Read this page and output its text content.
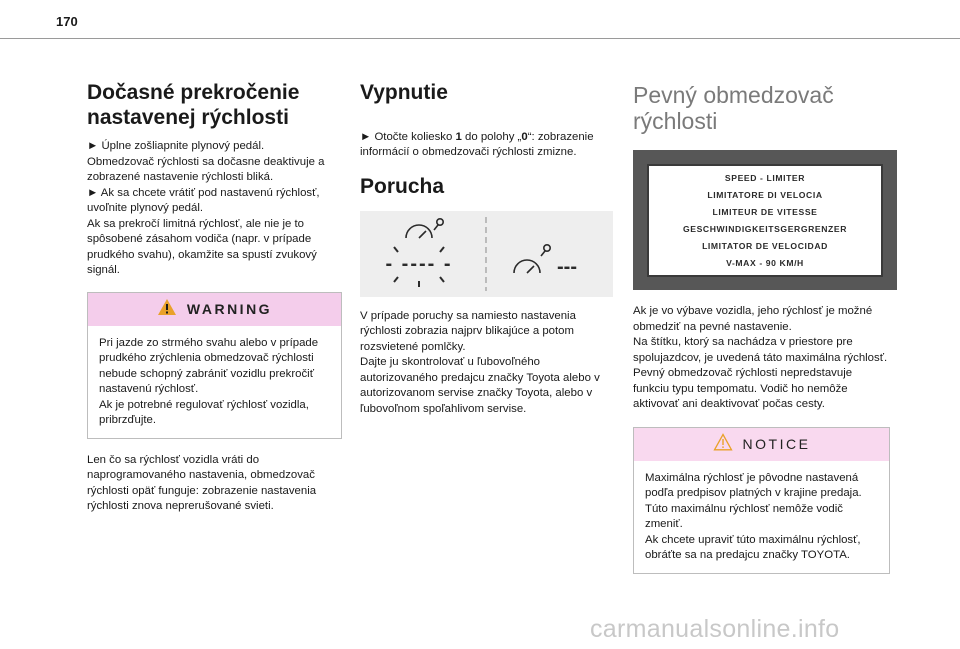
170
Dočasné prekročenie nastavenej rýchlosti

► Úplne zošliapnite plynový pedál.
Obmedzovač rýchlosti sa dočasne deaktivuje a zobrazené nastavenie rýchlosti bliká.
► Ak sa chcete vrátiť pod nastavenú rýchlosť, uvoľnite plynový pedál.
Ak sa prekročí limitná rýchlosť, ale nie je to spôsobené zásahom vodiča (napr. v prípade prudkého svahu), okamžite sa spustí zvukový signál.

WARNING

Pri jazde zo strmého svahu alebo v prípade prudkého zrýchlenia obmedzovač rýchlosti nebude schopný zabrániť vozidlu prekročiť nastavenú rýchlosť.
Ak je potrebné regulovať rýchlosť vozidla, pribrzďujte.

Len čo sa rýchlosť vozidla vráti do naprogramovaného nastavenia, obmedzovač rýchlosti opäť funguje: zobrazenie nastavenia rýchlosti znova neprerušované svieti.

Vypnutie

► Otočte koliesko 1 do polohy „0“: zobrazenie informácií o obmedzovači rýchlosti zmizne.

Porucha
- ---- -	---

V prípade poruchy sa namiesto nastavenia rýchlosti zobrazia najprv blikajúce a potom rozsvietené pomlčky.
Dajte ju skontrolovať u ľubovoľného autorizovaného predajcu značky Toyota alebo v autorizovanom servise značky Toyota, alebo v ľubovoľnom spoľahlivom servise.

Pevný obmedzovač rýchlosti
SPEED - LIMITER
LIMITATORE DI VELOCIA
LIMITEUR DE VITESSE
GESCHWINDIGKEITSGERGRENZER
LIMITATOR DE VELOCIDAD
V-MAX - 90 KM/H

Ak je vo výbave vozidla, jeho rýchlosť je možné obmedziť na pevné nastavenie.
Na štítku, ktorý sa nachádza v priestore pre spolujazdcov, je uvedená táto maximálna rýchlosť.
Pevný obmedzovač rýchlosti nepredstavuje funkciu typu tempomatu. Vodič ho nemôže aktivovať ani deaktivovať počas cesty.

NOTICE

Maximálna rýchlosť je pôvodne nastavená podľa predpisov platných v krajine predaja. Túto maximálnu rýchlosť nemôže vodič zmeniť.
Ak chcete upraviť túto maximálnu rýchlosť, obráťte sa na predajcu značky TOYOTA.

carmanualsonline.info
